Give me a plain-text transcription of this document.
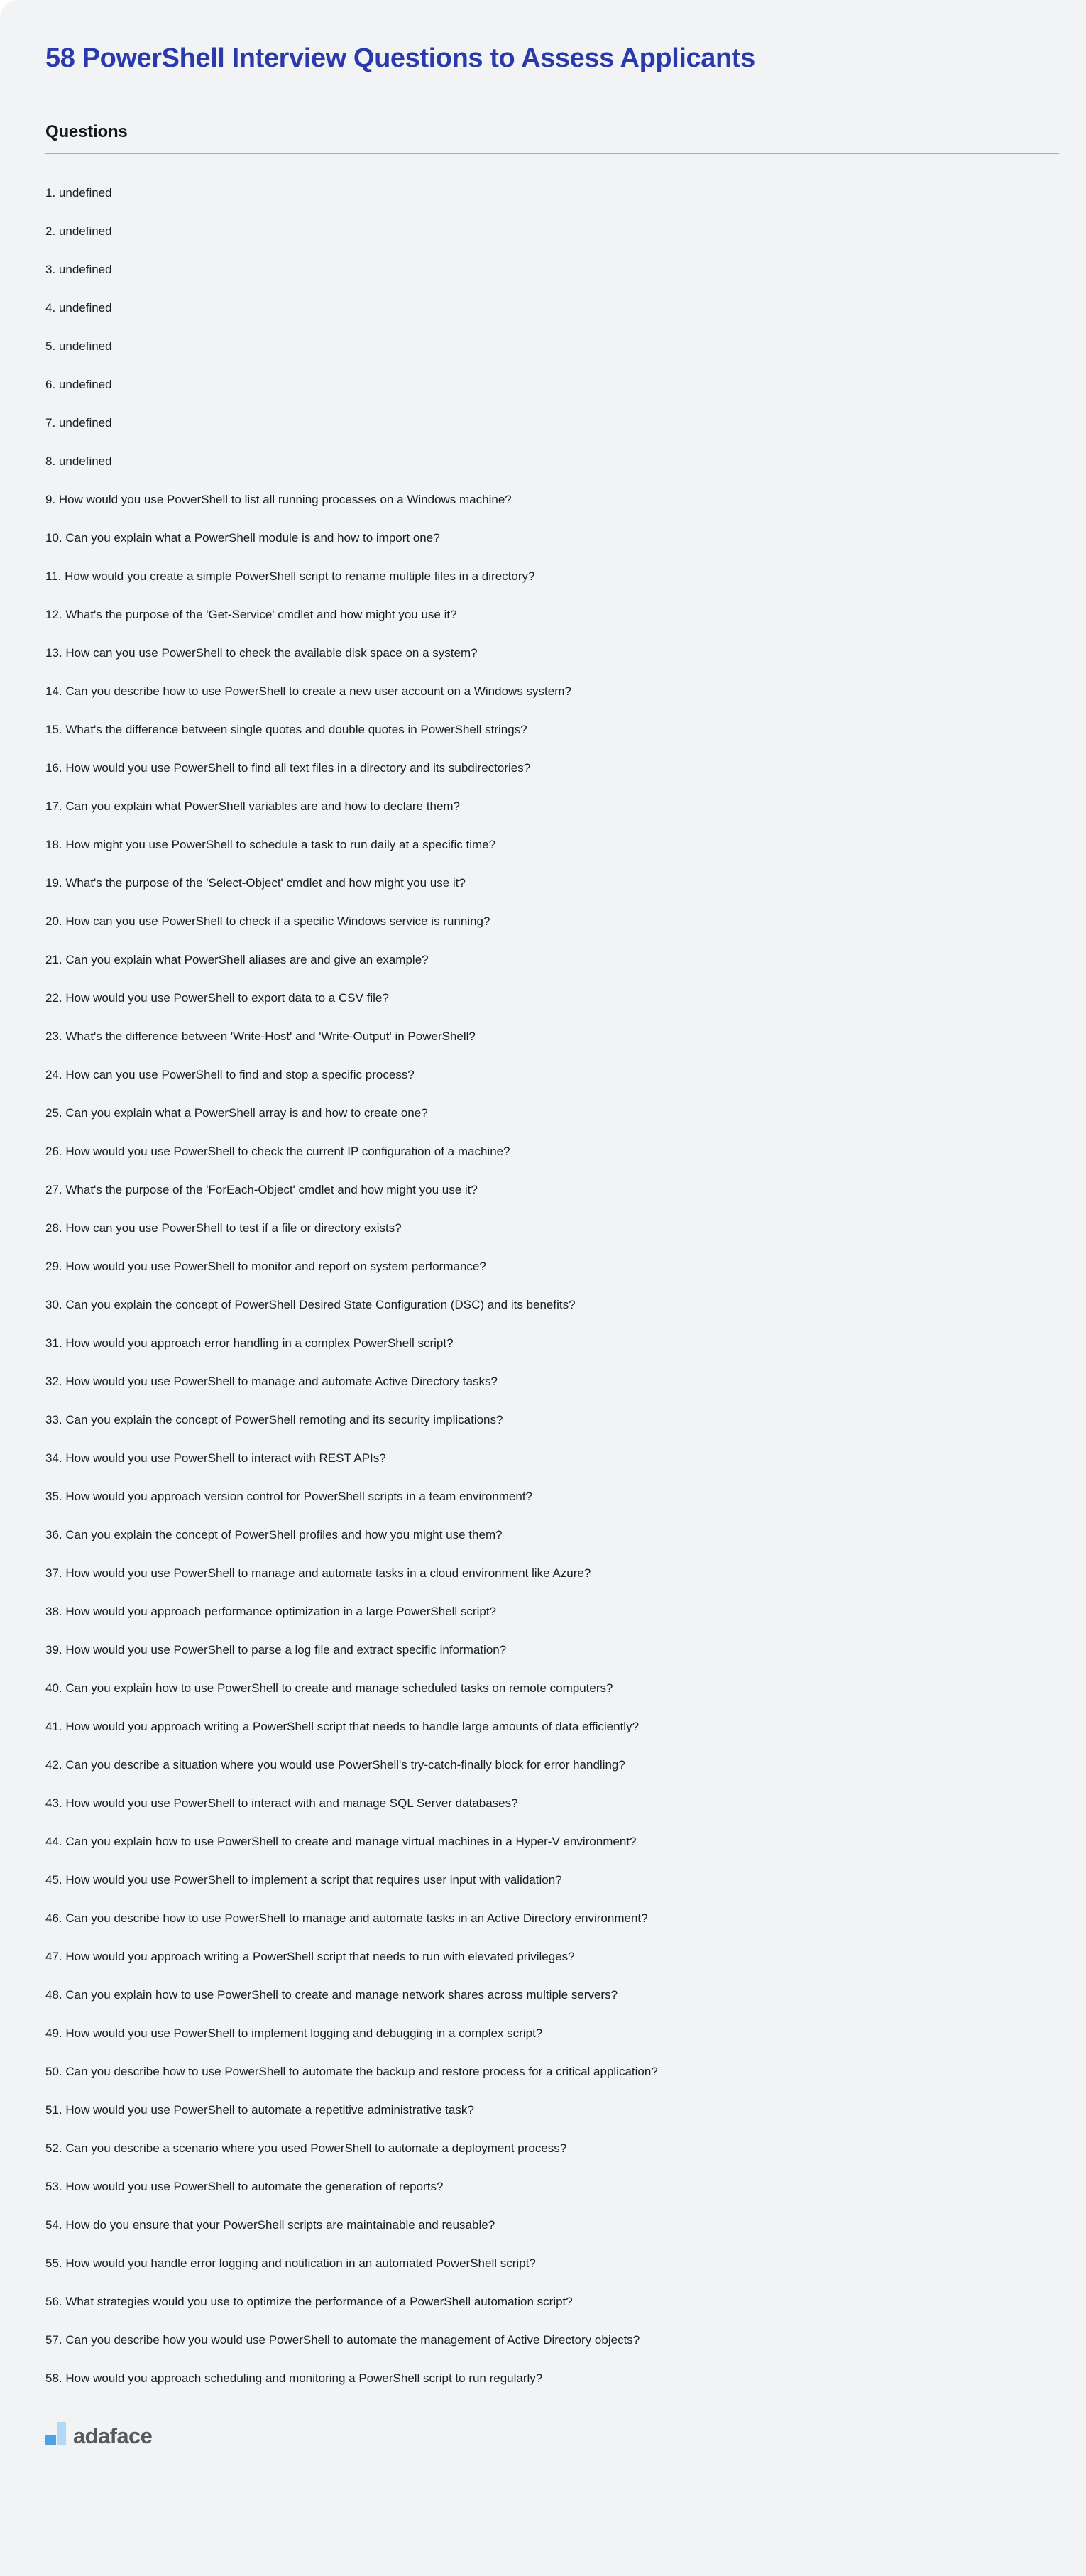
58 PowerShell Interview Questions to Assess Applicants
Questions
1. undefined
2. undefined
3. undefined
4. undefined
5. undefined
6. undefined
7. undefined
8. undefined
9. How would you use PowerShell to list all running processes on a Windows machine?
10. Can you explain what a PowerShell module is and how to import one?
11. How would you create a simple PowerShell script to rename multiple files in a directory?
12. What's the purpose of the 'Get-Service' cmdlet and how might you use it?
13. How can you use PowerShell to check the available disk space on a system?
14. Can you describe how to use PowerShell to create a new user account on a Windows system?
15. What's the difference between single quotes and double quotes in PowerShell strings?
16. How would you use PowerShell to find all text files in a directory and its subdirectories?
17. Can you explain what PowerShell variables are and how to declare them?
18. How might you use PowerShell to schedule a task to run daily at a specific time?
19. What's the purpose of the 'Select-Object' cmdlet and how might you use it?
20. How can you use PowerShell to check if a specific Windows service is running?
21. Can you explain what PowerShell aliases are and give an example?
22. How would you use PowerShell to export data to a CSV file?
23. What's the difference between 'Write-Host' and 'Write-Output' in PowerShell?
24. How can you use PowerShell to find and stop a specific process?
25. Can you explain what a PowerShell array is and how to create one?
26. How would you use PowerShell to check the current IP configuration of a machine?
27. What's the purpose of the 'ForEach-Object' cmdlet and how might you use it?
28. How can you use PowerShell to test if a file or directory exists?
29. How would you use PowerShell to monitor and report on system performance?
30. Can you explain the concept of PowerShell Desired State Configuration (DSC) and its benefits?
31. How would you approach error handling in a complex PowerShell script?
32. How would you use PowerShell to manage and automate Active Directory tasks?
33. Can you explain the concept of PowerShell remoting and its security implications?
34. How would you use PowerShell to interact with REST APIs?
35. How would you approach version control for PowerShell scripts in a team environment?
36. Can you explain the concept of PowerShell profiles and how you might use them?
37. How would you use PowerShell to manage and automate tasks in a cloud environment like Azure?
38. How would you approach performance optimization in a large PowerShell script?
39. How would you use PowerShell to parse a log file and extract specific information?
40. Can you explain how to use PowerShell to create and manage scheduled tasks on remote computers?
41. How would you approach writing a PowerShell script that needs to handle large amounts of data efficiently?
42. Can you describe a situation where you would use PowerShell's try-catch-finally block for error handling?
43. How would you use PowerShell to interact with and manage SQL Server databases?
44. Can you explain how to use PowerShell to create and manage virtual machines in a Hyper-V environment?
45. How would you use PowerShell to implement a script that requires user input with validation?
46. Can you describe how to use PowerShell to manage and automate tasks in an Active Directory environment?
47. How would you approach writing a PowerShell script that needs to run with elevated privileges?
48. Can you explain how to use PowerShell to create and manage network shares across multiple servers?
49. How would you use PowerShell to implement logging and debugging in a complex script?
50. Can you describe how to use PowerShell to automate the backup and restore process for a critical application?
51. How would you use PowerShell to automate a repetitive administrative task?
52. Can you describe a scenario where you used PowerShell to automate a deployment process?
53. How would you use PowerShell to automate the generation of reports?
54. How do you ensure that your PowerShell scripts are maintainable and reusable?
55. How would you handle error logging and notification in an automated PowerShell script?
56. What strategies would you use to optimize the performance of a PowerShell automation script?
57. Can you describe how you would use PowerShell to automate the management of Active Directory objects?
58. How would you approach scheduling and monitoring a PowerShell script to run regularly?
adaface
